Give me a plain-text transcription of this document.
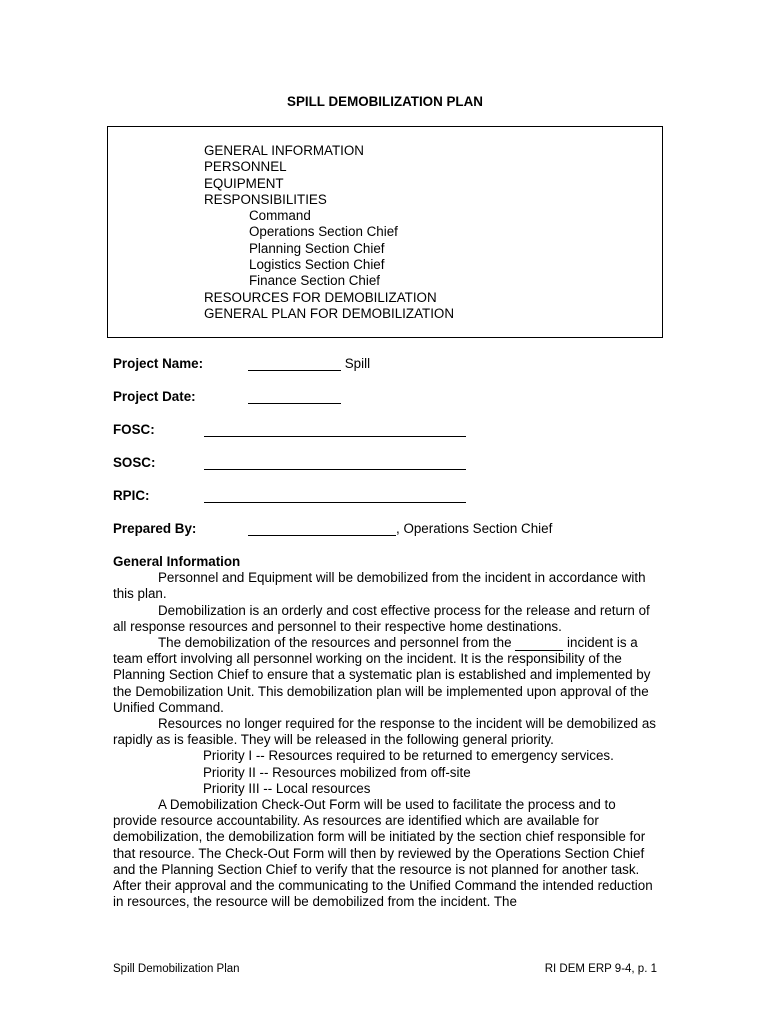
SPILL DEMOBILIZATION PLAN
GENERAL INFORMATION
PERSONNEL
EQUIPMENT
RESPONSIBILITIES
Command
Operations Section Chief
Planning Section Chief
Logistics Section Chief
Finance Section Chief
RESOURCES FOR DEMOBILIZATION
GENERAL PLAN FOR DEMOBILIZATION
Project Name:	Spill
Project Date:
FOSC:
SOSC:
RPIC:
Prepared By:	, Operations Section Chief

General Information

Personnel and Equipment will be demobilized from the incident in accordance with this plan.

Demobilization is an orderly and cost effective process for the release and return of all response resources and personnel to their respective home destinations.

The demobilization of the resources and personnel from the	incident is a team effort involving all personnel working on the incident. It is the responsibility of the Planning Section Chief to ensure that a systematic plan is established and implemented by the Demobilization Unit. This demobilization plan will be implemented upon approval of the Unified Command.

Resources no longer required for the response to the incident will be demobilized as rapidly as is feasible. They will be released in the following general priority.

Priority I -- Resources required to be returned to emergency services.

Priority II -- Resources mobilized from off-site

Priority III -- Local resources

A Demobilization Check-Out Form will be used to facilitate the process and to provide resource accountability. As resources are identified which are available for demobilization, the demobilization form will be initiated by the section chief responsible for that resource. The Check-Out Form will then by reviewed by the Operations Section Chief and the Planning Section Chief to verify that the resource is not planned for another task. After their approval and the communicating to the Unified Command the intended reduction in resources, the resource will be demobilized from the incident. The

Spill Demobilization Plan	RI DEM ERP 9-4, p. 1
